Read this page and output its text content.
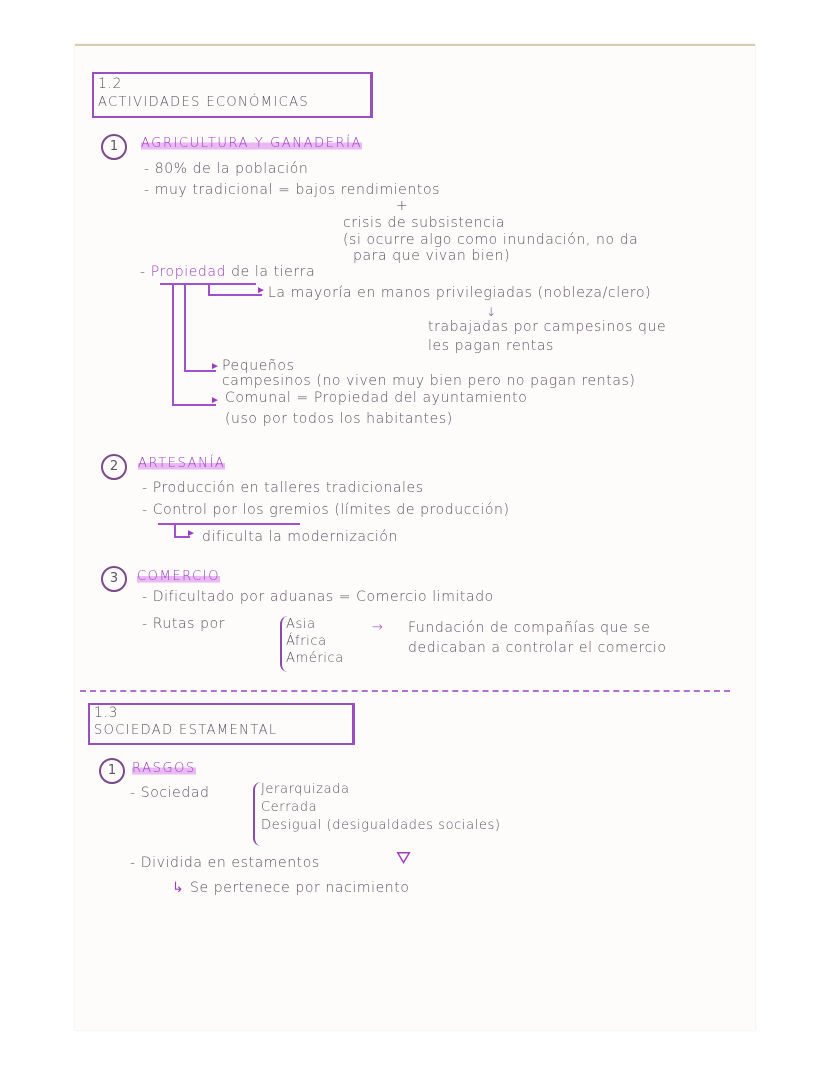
1.2
ACTIVIDADES ECONÓMICAS
1	AGRICULTURA Y GANADERÍA
- 80% de la población
- muy tradicional = bajos rendimientos
+
crisis de subsistencia
(si ocurre algo como inundación, no da
para que vivan bien)
- Propiedad de la tierra
► La mayoría en manos privilegiadas (nobleza/clero)
↓
trabajadas por campesinos que
les pagan rentas
► Pequeños
campesinos (no viven muy bien pero no pagan rentas)
► Comunal = Propiedad del ayuntamiento
(uso por todos los habitantes)
2	ARTESANÍA
- Producción en talleres tradicionales
- Control por los gremios (límites de producción)
► dificulta la modernización
3	COMERCIO
- Dificultado por aduanas = Comercio limitado
- Rutas por	Asia
África
América
→ Fundación de compañías que se
dedicaban a controlar el comercio
1.3
SOCIEDAD ESTAMENTAL
1	RASGOS
- Sociedad	Jerarquizada
Cerrada
Desigual (desigualdades sociales)
- Dividida en estamentos	⛛
↳ Se pertenece por nacimiento
